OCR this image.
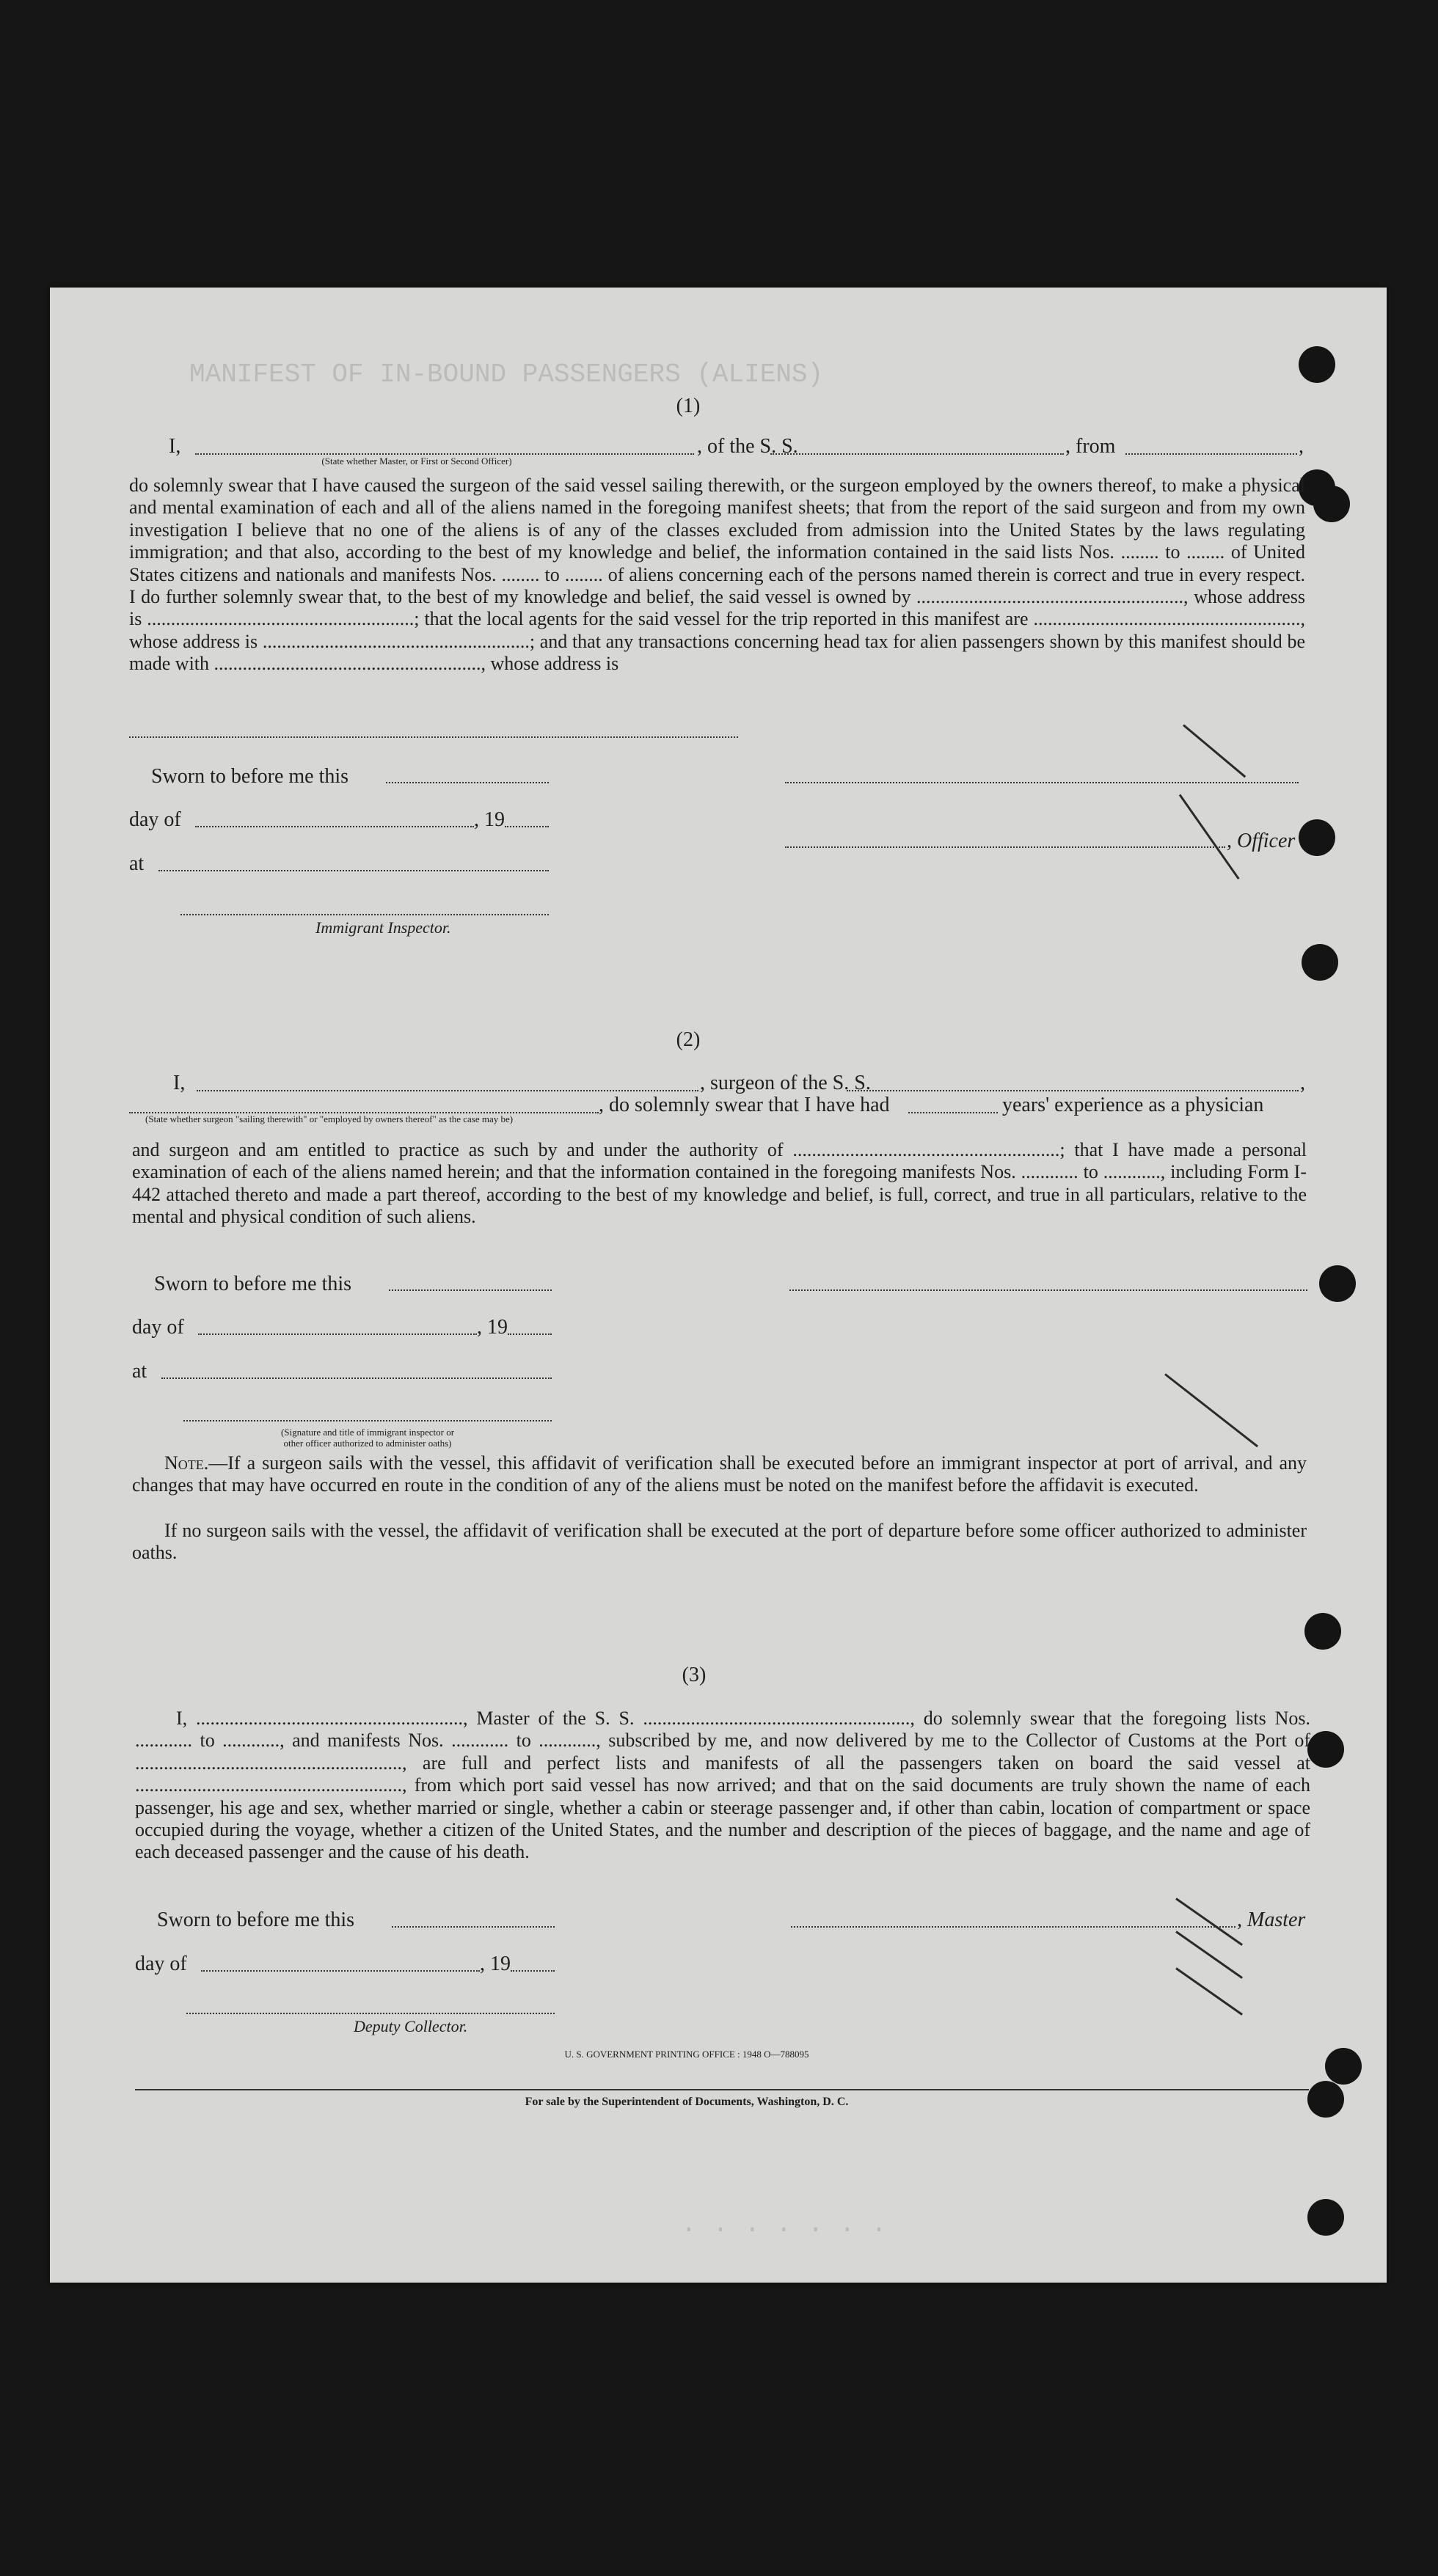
MANIFEST OF IN-BOUND PASSENGERS (ALIENS)
. . . . . . .
(1)
I,	, of the S. S.	, from	,
(State whether Master, or First or Second Officer)
do solemnly swear that I have caused the surgeon of the said vessel sailing therewith, or the surgeon employed by the owners thereof, to make a physical and mental examination of each and all of the aliens named in the foregoing manifest sheets; that from the report of the said surgeon and from my own investigation I believe that no one of the aliens is of any of the classes excluded from admission into the United States by the laws regulating immigration; and that also, according to the best of my knowledge and belief, the information contained in the said lists Nos. ........ to ........ of United States citizens and nationals and manifests Nos. ........ to ........ of aliens concerning each of the persons named therein is correct and true in every respect. I do further solemnly swear that, to the best of my knowledge and belief, the said vessel is owned by ........................................................, whose address is ........................................................; that the local agents for the said vessel for the trip reported in this manifest are ........................................................, whose address is ........................................................; and that any transactions concerning head tax for alien passengers shown by this manifest should be made with ........................................................, whose address is
Sworn to before me this
day of	, 19
, Officer
at
Immigrant Inspector.
(2)
I,	, surgeon of the S. S.	,
, do solemnly swear that I have had	years' experience as a physician
(State whether surgeon "sailing therewith" or "employed by owners thereof" as the case may be)
and surgeon and am entitled to practice as such by and under the authority of ........................................................; that I have made a personal examination of each of the aliens named herein; and that the information contained in the foregoing manifests Nos. ............ to ............, including Form I-442 attached thereto and made a part thereof, according to the best of my knowledge and belief, is full, correct, and true in all particulars, relative to the mental and physical condition of such aliens.
Sworn to before me this
day of	, 19
at
(Signature and title of immigrant inspector or
other officer authorized to administer oaths)
Note.—If a surgeon sails with the vessel, this affidavit of verification shall be executed before an immigrant inspector at port of arrival, and any changes that may have occurred en route in the condition of any of the aliens must be noted on the manifest before the affidavit is executed.
If no surgeon sails with the vessel, the affidavit of verification shall be executed at the port of departure before some officer authorized to administer oaths.
(3)
I, ........................................................, Master of the S. S. ........................................................, do solemnly swear that the foregoing lists Nos. ............ to ............, and manifests Nos. ............ to ............, subscribed by me, and now delivered by me to the Collector of Customs at the Port of ........................................................, are full and perfect lists and manifests of all the passengers taken on board the said vessel at ........................................................, from which port said vessel has now arrived; and that on the said documents are truly shown the name of each passenger, his age and sex, whether married or single, whether a cabin or steerage passenger and, if other than cabin, location of compartment or space occupied during the voyage, whether a citizen of the United States, and the number and description of the pieces of baggage, and the name and age of each deceased passenger and the cause of his death.
Sworn to before me this	, Master
day of	, 19
Deputy Collector.
U. S. GOVERNMENT PRINTING OFFICE : 1948 O—788095
For sale by the Superintendent of Documents, Washington, D. C.
